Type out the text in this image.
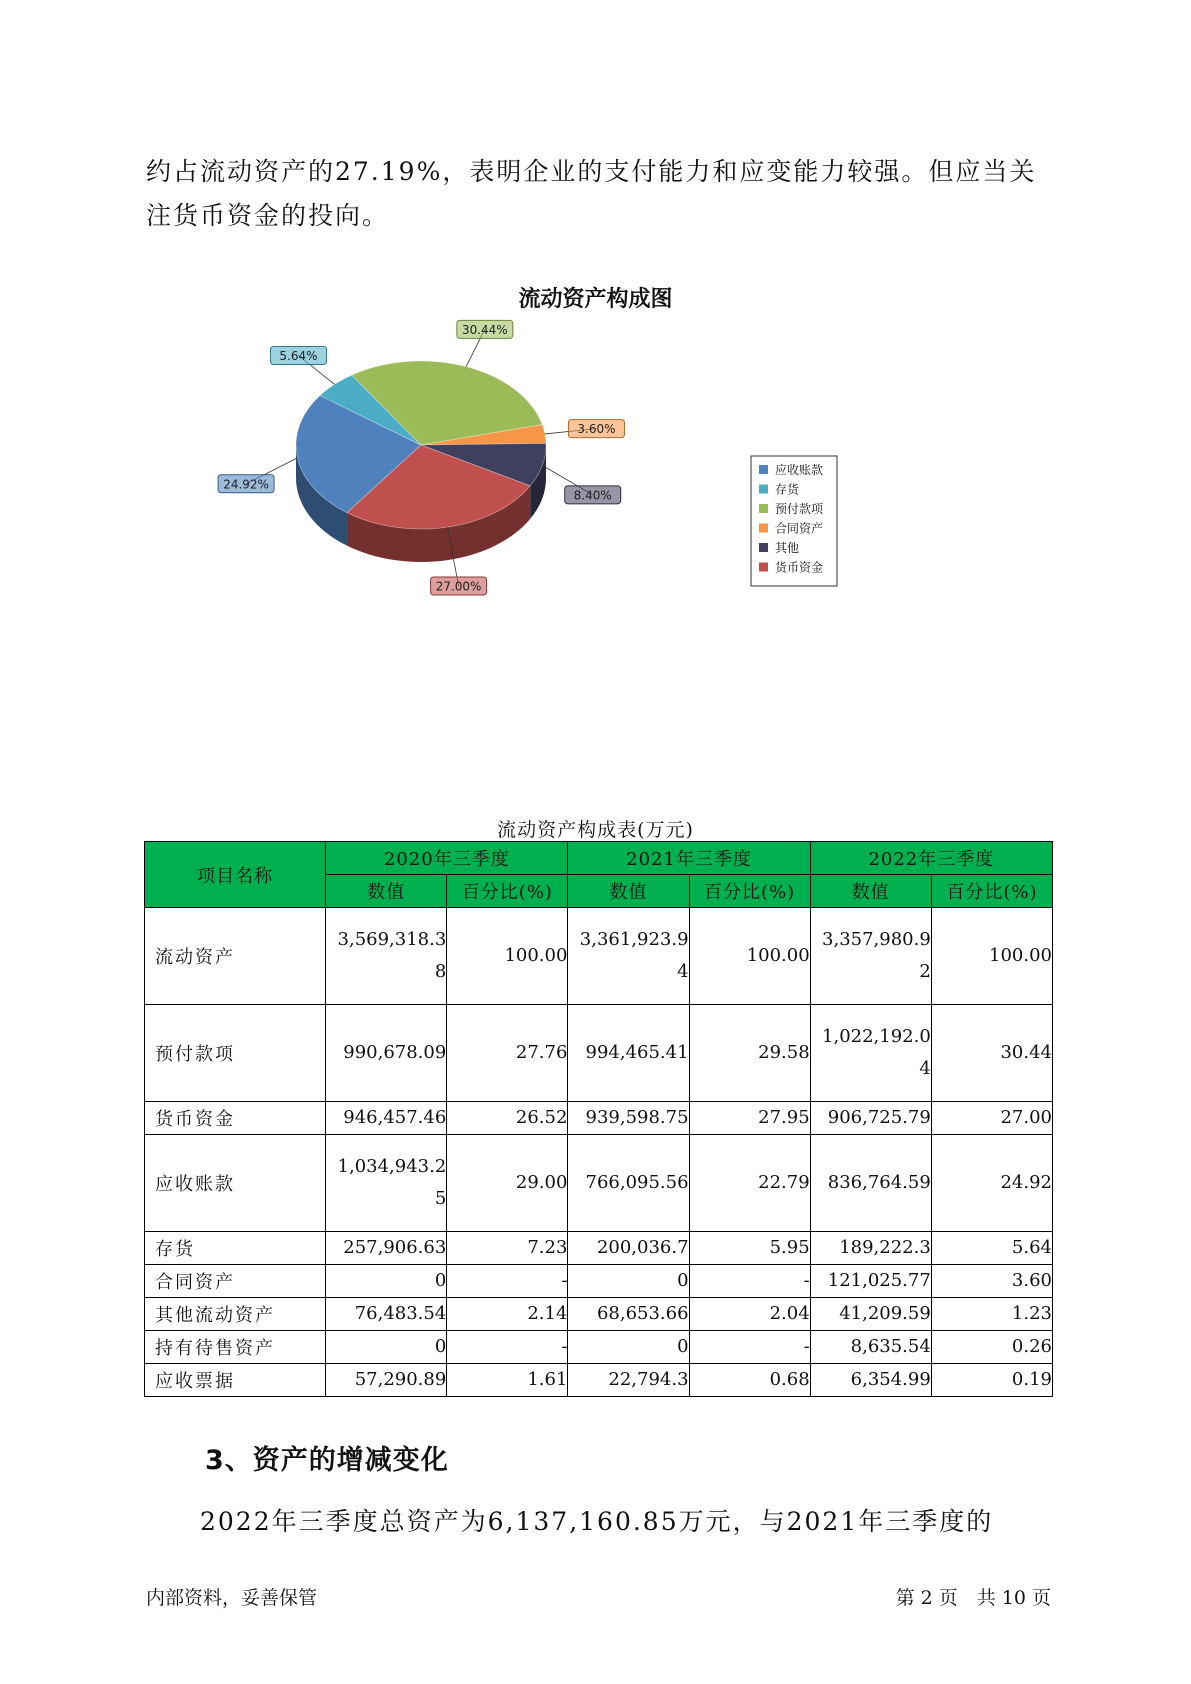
约占流动资产的27.19%，表明企业的支付能力和应变能力较强。但应当关注货币资金的投向。

流动资产构成图
24.92%
5.64%
30.44%
3.60%
8.40%
27.00%
应收账款
存货
预付款项
合同资产
其他
货币资金
流动资产构成表(万元)
项目名称	2020年三季度		2021年三季度		2022年三季度	
	数值	百分比(%)	数值	百分比(%)	数值	百分比(%)
流动资产	3,569,318.38	100.00	3,361,923.94	100.00	3,357,980.92	100.00
预付款项	990,678.09	27.76	994,465.41	29.58	1,022,192.04	30.44
货币资金	946,457.46	26.52	939,598.75	27.95	906,725.79	27.00
应收账款	1,034,943.25	29.00	766,095.56	22.79	836,764.59	24.92
存货	257,906.63	7.23	200,036.7	5.95	189,222.3	5.64
合同资产	0	-	0	-	121,025.77	3.60
其他流动资产	76,483.54	2.14	68,653.66	2.04	41,209.59	1.23
持有待售资产	0	-	0	-	8,635.54	0.26
应收票据	57,290.89	1.61	22,794.3	0.68	6,354.99	0.19
3、资产的增减变化

2022年三季度总资产为6,137,160.85万元，与2021年三季度的

内部资料，妥善保管	第 2 页　共 10 页
